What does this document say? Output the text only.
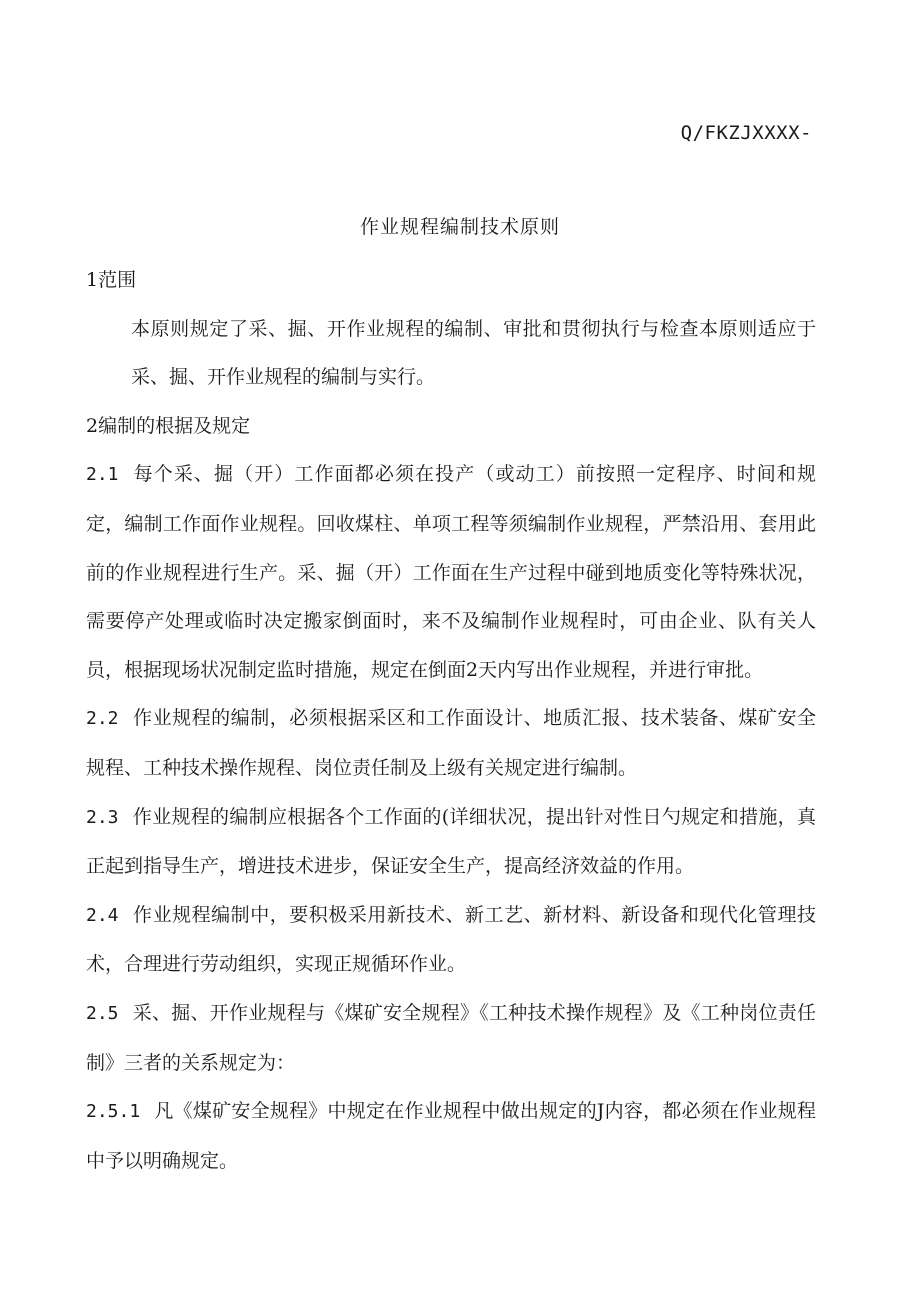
Q/FKZJXXXX-
作业规程编制技术原则

1范围

本原则规定了采、掘、开作业规程的编制、审批和贯彻执行与检查本原则适应于采、掘、开作业规程的编制与实行。

2编制的根据及规定

2.1 每个采、掘（开）工作面都必须在投产（或动工）前按照一定程序、时间和规定，编制工作面作业规程。回收煤柱、单项工程等须编制作业规程，严禁沿用、套用此前的作业规程进行生产。采、掘（开）工作面在生产过程中碰到地质变化等特殊状况，需要停产处理或临时决定搬家倒面时，来不及编制作业规程时，可由企业、队有关人员，根据现场状况制定监时措施，规定在倒面2天内写出作业规程，并进行审批。

2.2 作业规程的编制，必须根据采区和工作面设计、地质汇报、技术装备、煤矿安全规程、工种技术操作规程、岗位责任制及上级有关规定进行编制。

2.3 作业规程的编制应根据各个工作面的(详细状况，提出针对性日勺规定和措施，真正起到指导生产，增进技术进步，保证安全生产，提高经济效益的作用。

2.4 作业规程编制中，要积极采用新技术、新工艺、新材料、新设备和现代化管理技术，合理进行劳动组织，实现正规循环作业。

2.5 采、掘、开作业规程与《煤矿安全规程》《工种技术操作规程》及《工种岗位责任制》三者的关系规定为：

2.5.1 凡《煤矿安全规程》中规定在作业规程中做出规定的J内容，都必须在作业规程中予以明确规定。
